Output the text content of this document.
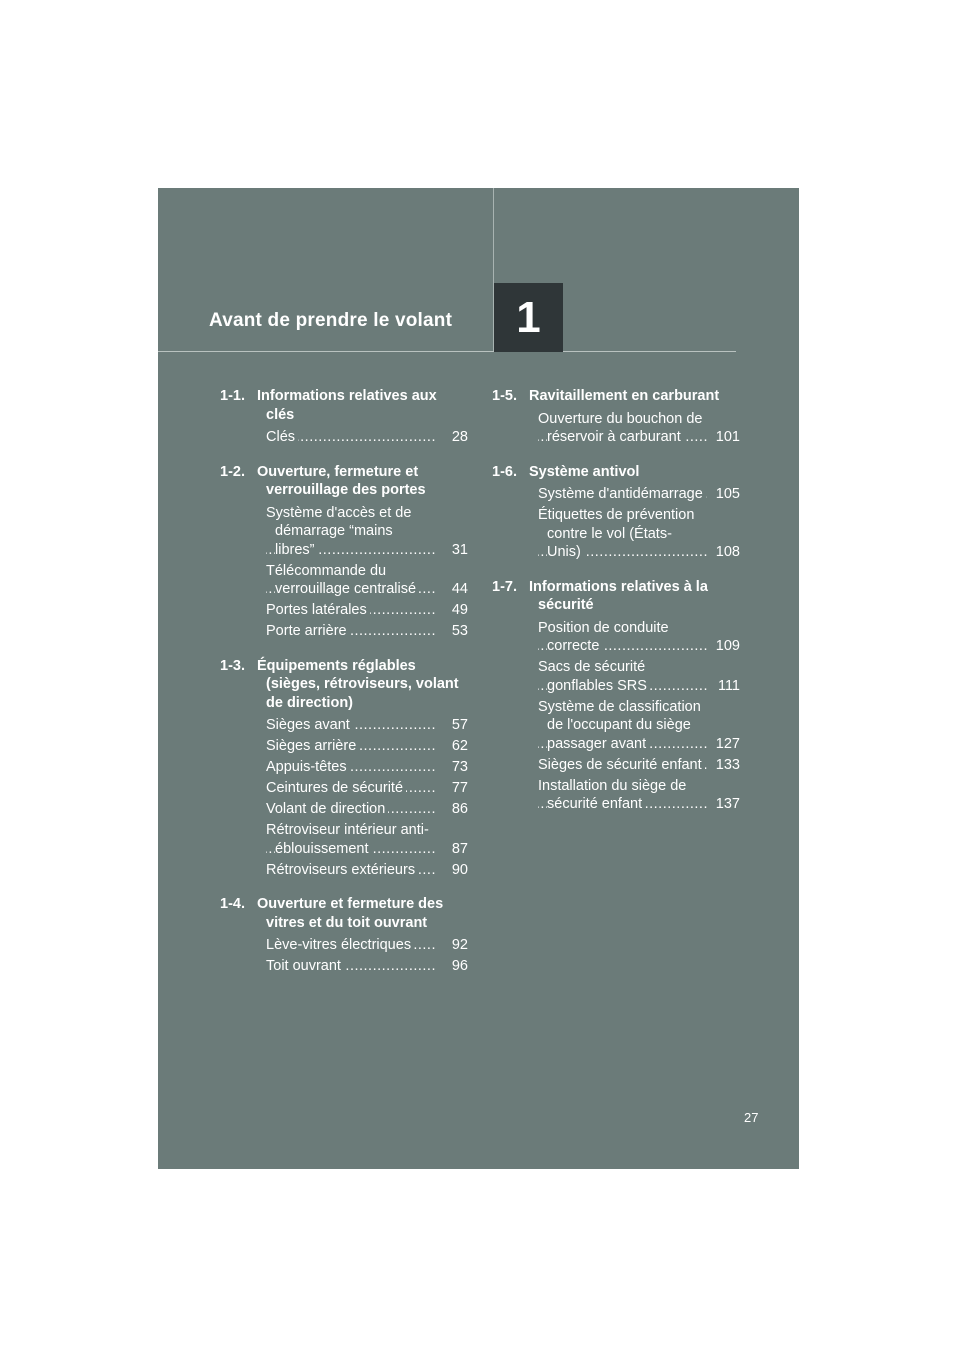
Avant de prendre le volant	1
1-1. Informations relatives aux clés
Clés .....	28
1-2. Ouverture, fermeture et verrouillage des portes
Système d'accès et de démarrage “mains libres” .....	31
Télécommande du verrouillage centralisé .....	44
Portes latérales .....	49
Porte arrière .....	53
1-3. Équipements réglables (sièges, rétroviseurs, volant de direction)
Sièges avant .....	57
Sièges arrière .....	62
Appuis-têtes .....	73
Ceintures de sécurité .....	77
Volant de direction .....	86
Rétroviseur intérieur anti-éblouissement .....	87
Rétroviseurs extérieurs .....	90
1-4. Ouverture et fermeture des vitres et du toit ouvrant
Lève-vitres électriques .....	92
Toit ouvrant .....	96
1-5. Ravitaillement en carburant
Ouverture du bouchon de réservoir à carburant .....	101
1-6. Système antivol
Système d'antidémarrage ..... 105
Étiquettes de prévention contre le vol (États-Unis) .....	108
1-7. Informations relatives à la sécurité
Position de conduite correcte .....	109
Sacs de sécurité gonflables SRS .....	111
Système de classification de l'occupant du siège passager avant .....	127
Sièges de sécurité enfant ..... 133
Installation du siège de sécurité enfant .....	137
27
